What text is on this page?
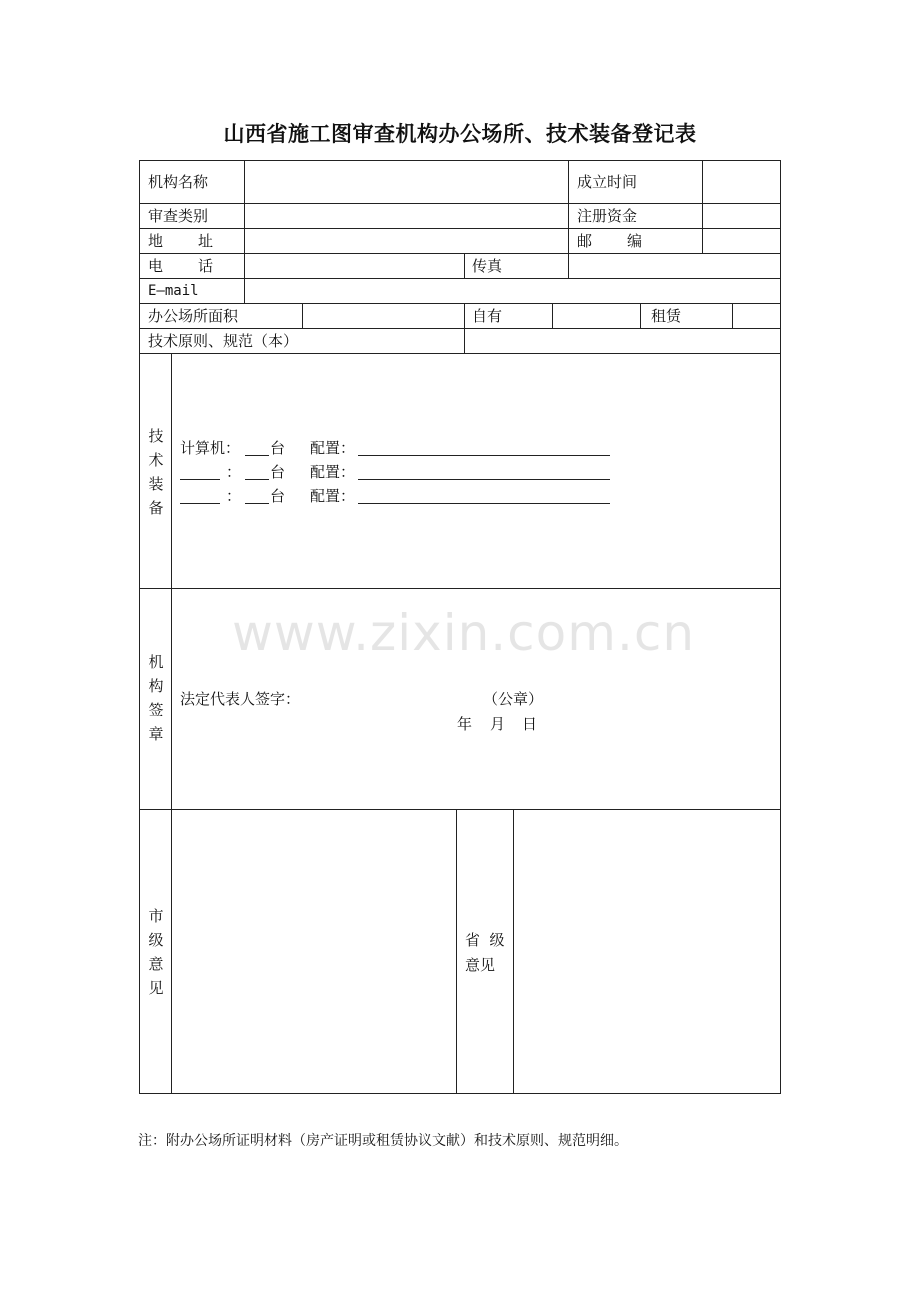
山西省施工图审查机构办公场所、技术装备登记表
机构名称	成立时间
审查类别	注册资金
地 址	邮 编
电 话	传真
E—mail
办公场所面积	自有	租赁
技术原则、规范（本）
技
术
装
备
计算机： 台 配置：
： 台 配置：
： 台 配置：
www.zixin.com.cn
机
构
签
章
法定代表人签字：	（公章）
年 月 日
市
级
意
见
省  级
意见
注：附办公场所证明材料（房产证明或租赁协议文献）和技术原则、规范明细。
